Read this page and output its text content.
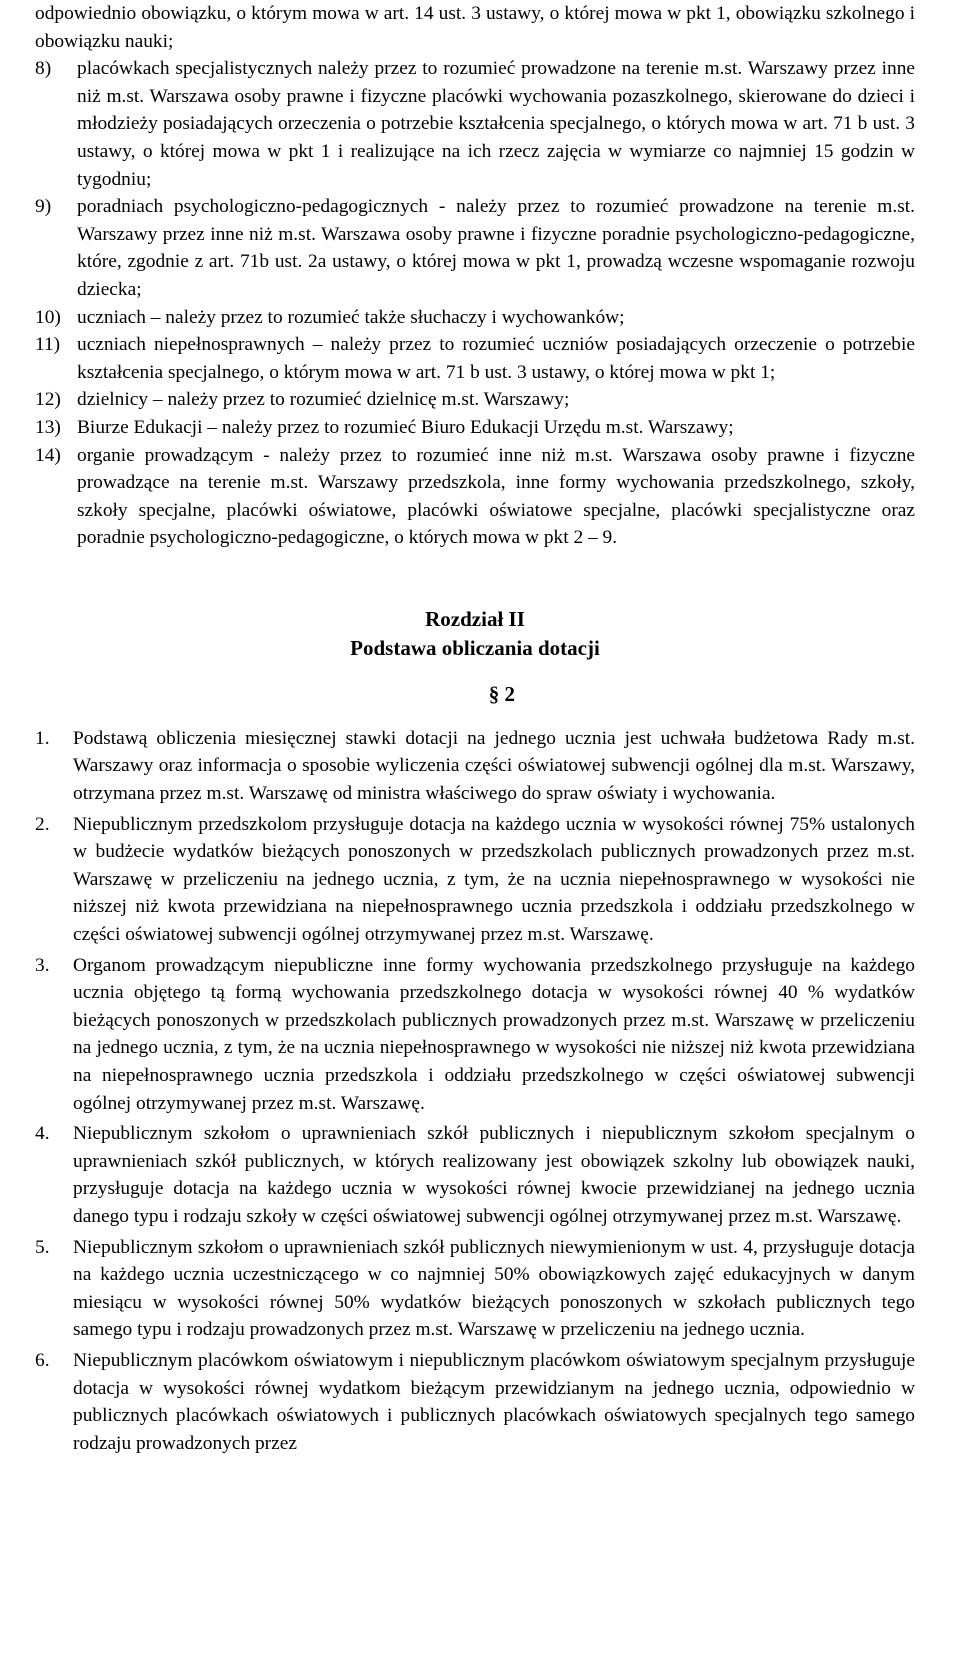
odpowiednio obowiązku, o którym mowa w art. 14 ust. 3 ustawy, o której mowa w pkt 1, obowiązku szkolnego i obowiązku nauki;

8)	placówkach specjalistycznych należy przez to rozumieć prowadzone na terenie m.st. Warszawy przez inne niż m.st. Warszawa osoby prawne i fizyczne placówki wychowania pozaszkolnego, skierowane do dzieci i młodzieży posiadających orzeczenia o potrzebie kształcenia specjalnego, o których mowa w art. 71 b ust. 3 ustawy, o której mowa w pkt 1 i realizujące na ich rzecz zajęcia w wymiarze co najmniej 15 godzin w tygodniu;
9)	poradniach psychologiczno-pedagogicznych - należy przez to rozumieć prowadzone na terenie m.st. Warszawy przez inne niż m.st. Warszawa osoby prawne i fizyczne poradnie psychologiczno-pedagogiczne, które, zgodnie z art. 71b ust. 2a ustawy, o której mowa w pkt 1, prowadzą wczesne wspomaganie rozwoju dziecka;
10) uczniach – należy przez to rozumieć także słuchaczy i wychowanków;
11) uczniach niepełnosprawnych – należy przez to rozumieć uczniów posiadających orzeczenie o potrzebie kształcenia specjalnego, o którym mowa w art. 71 b ust. 3 ustawy, o której mowa w pkt 1;
12) dzielnicy – należy przez to rozumieć dzielnicę m.st. Warszawy;
13) Biurze Edukacji – należy przez to rozumieć Biuro Edukacji Urzędu m.st. Warszawy;
14) organie prowadzącym - należy przez to rozumieć inne niż m.st. Warszawa osoby prawne i fizyczne prowadzące na terenie m.st. Warszawy przedszkola, inne formy wychowania przedszkolnego, szkoły, szkoły specjalne, placówki oświatowe, placówki oświatowe specjalne, placówki specjalistyczne oraz poradnie psychologiczno-pedagogiczne, o których mowa w pkt 2 – 9.
Rozdział II
Podstawa obliczania dotacji
§ 2
1.	Podstawą obliczenia miesięcznej stawki dotacji na jednego ucznia jest uchwała budżetowa Rady m.st. Warszawy oraz informacja o sposobie wyliczenia części oświatowej subwencji ogólnej dla m.st. Warszawy, otrzymana przez m.st. Warszawę od ministra właściwego do spraw oświaty i wychowania.
2.	Niepublicznym przedszkolom przysługuje dotacja na każdego ucznia w wysokości równej 75% ustalonych w budżecie wydatków bieżących ponoszonych w przedszkolach publicznych prowadzonych przez m.st. Warszawę w przeliczeniu na jednego ucznia, z tym, że na ucznia niepełnosprawnego w wysokości nie niższej niż kwota przewidziana na niepełnosprawnego ucznia przedszkola i oddziału przedszkolnego w części oświatowej subwencji ogólnej otrzymywanej przez m.st. Warszawę.
3.	Organom prowadzącym niepubliczne inne formy wychowania przedszkolnego przysługuje na każdego ucznia objętego tą formą wychowania przedszkolnego dotacja w wysokości równej 40 % wydatków bieżących ponoszonych w przedszkolach publicznych prowadzonych przez m.st. Warszawę w przeliczeniu na jednego ucznia, z tym, że na ucznia niepełnosprawnego w wysokości nie niższej niż kwota przewidziana na niepełnosprawnego ucznia przedszkola i oddziału przedszkolnego w części oświatowej subwencji ogólnej otrzymywanej przez m.st. Warszawę.
4.	Niepublicznym szkołom o uprawnieniach szkół publicznych i niepublicznym szkołom specjalnym o uprawnieniach szkół publicznych, w których realizowany jest obowiązek szkolny lub obowiązek nauki, przysługuje dotacja na każdego ucznia w wysokości równej kwocie przewidzianej na jednego ucznia danego typu i rodzaju szkoły w części oświatowej subwencji ogólnej otrzymywanej przez m.st. Warszawę.
5.	Niepublicznym szkołom o uprawnieniach szkół publicznych niewymienionym w ust. 4, przysługuje dotacja na każdego ucznia uczestniczącego w co najmniej 50% obowiązkowych zajęć edukacyjnych w danym miesiącu w wysokości równej 50% wydatków bieżących ponoszonych w szkołach publicznych tego samego typu i rodzaju prowadzonych przez m.st. Warszawę w przeliczeniu na jednego ucznia.
6.	Niepublicznym placówkom oświatowym i niepublicznym placówkom oświatowym specjalnym przysługuje dotacja w wysokości równej wydatkom bieżącym przewidzianym na jednego ucznia, odpowiednio w publicznych placówkach oświatowych i publicznych placówkach oświatowych specjalnych tego samego rodzaju prowadzonych przez
